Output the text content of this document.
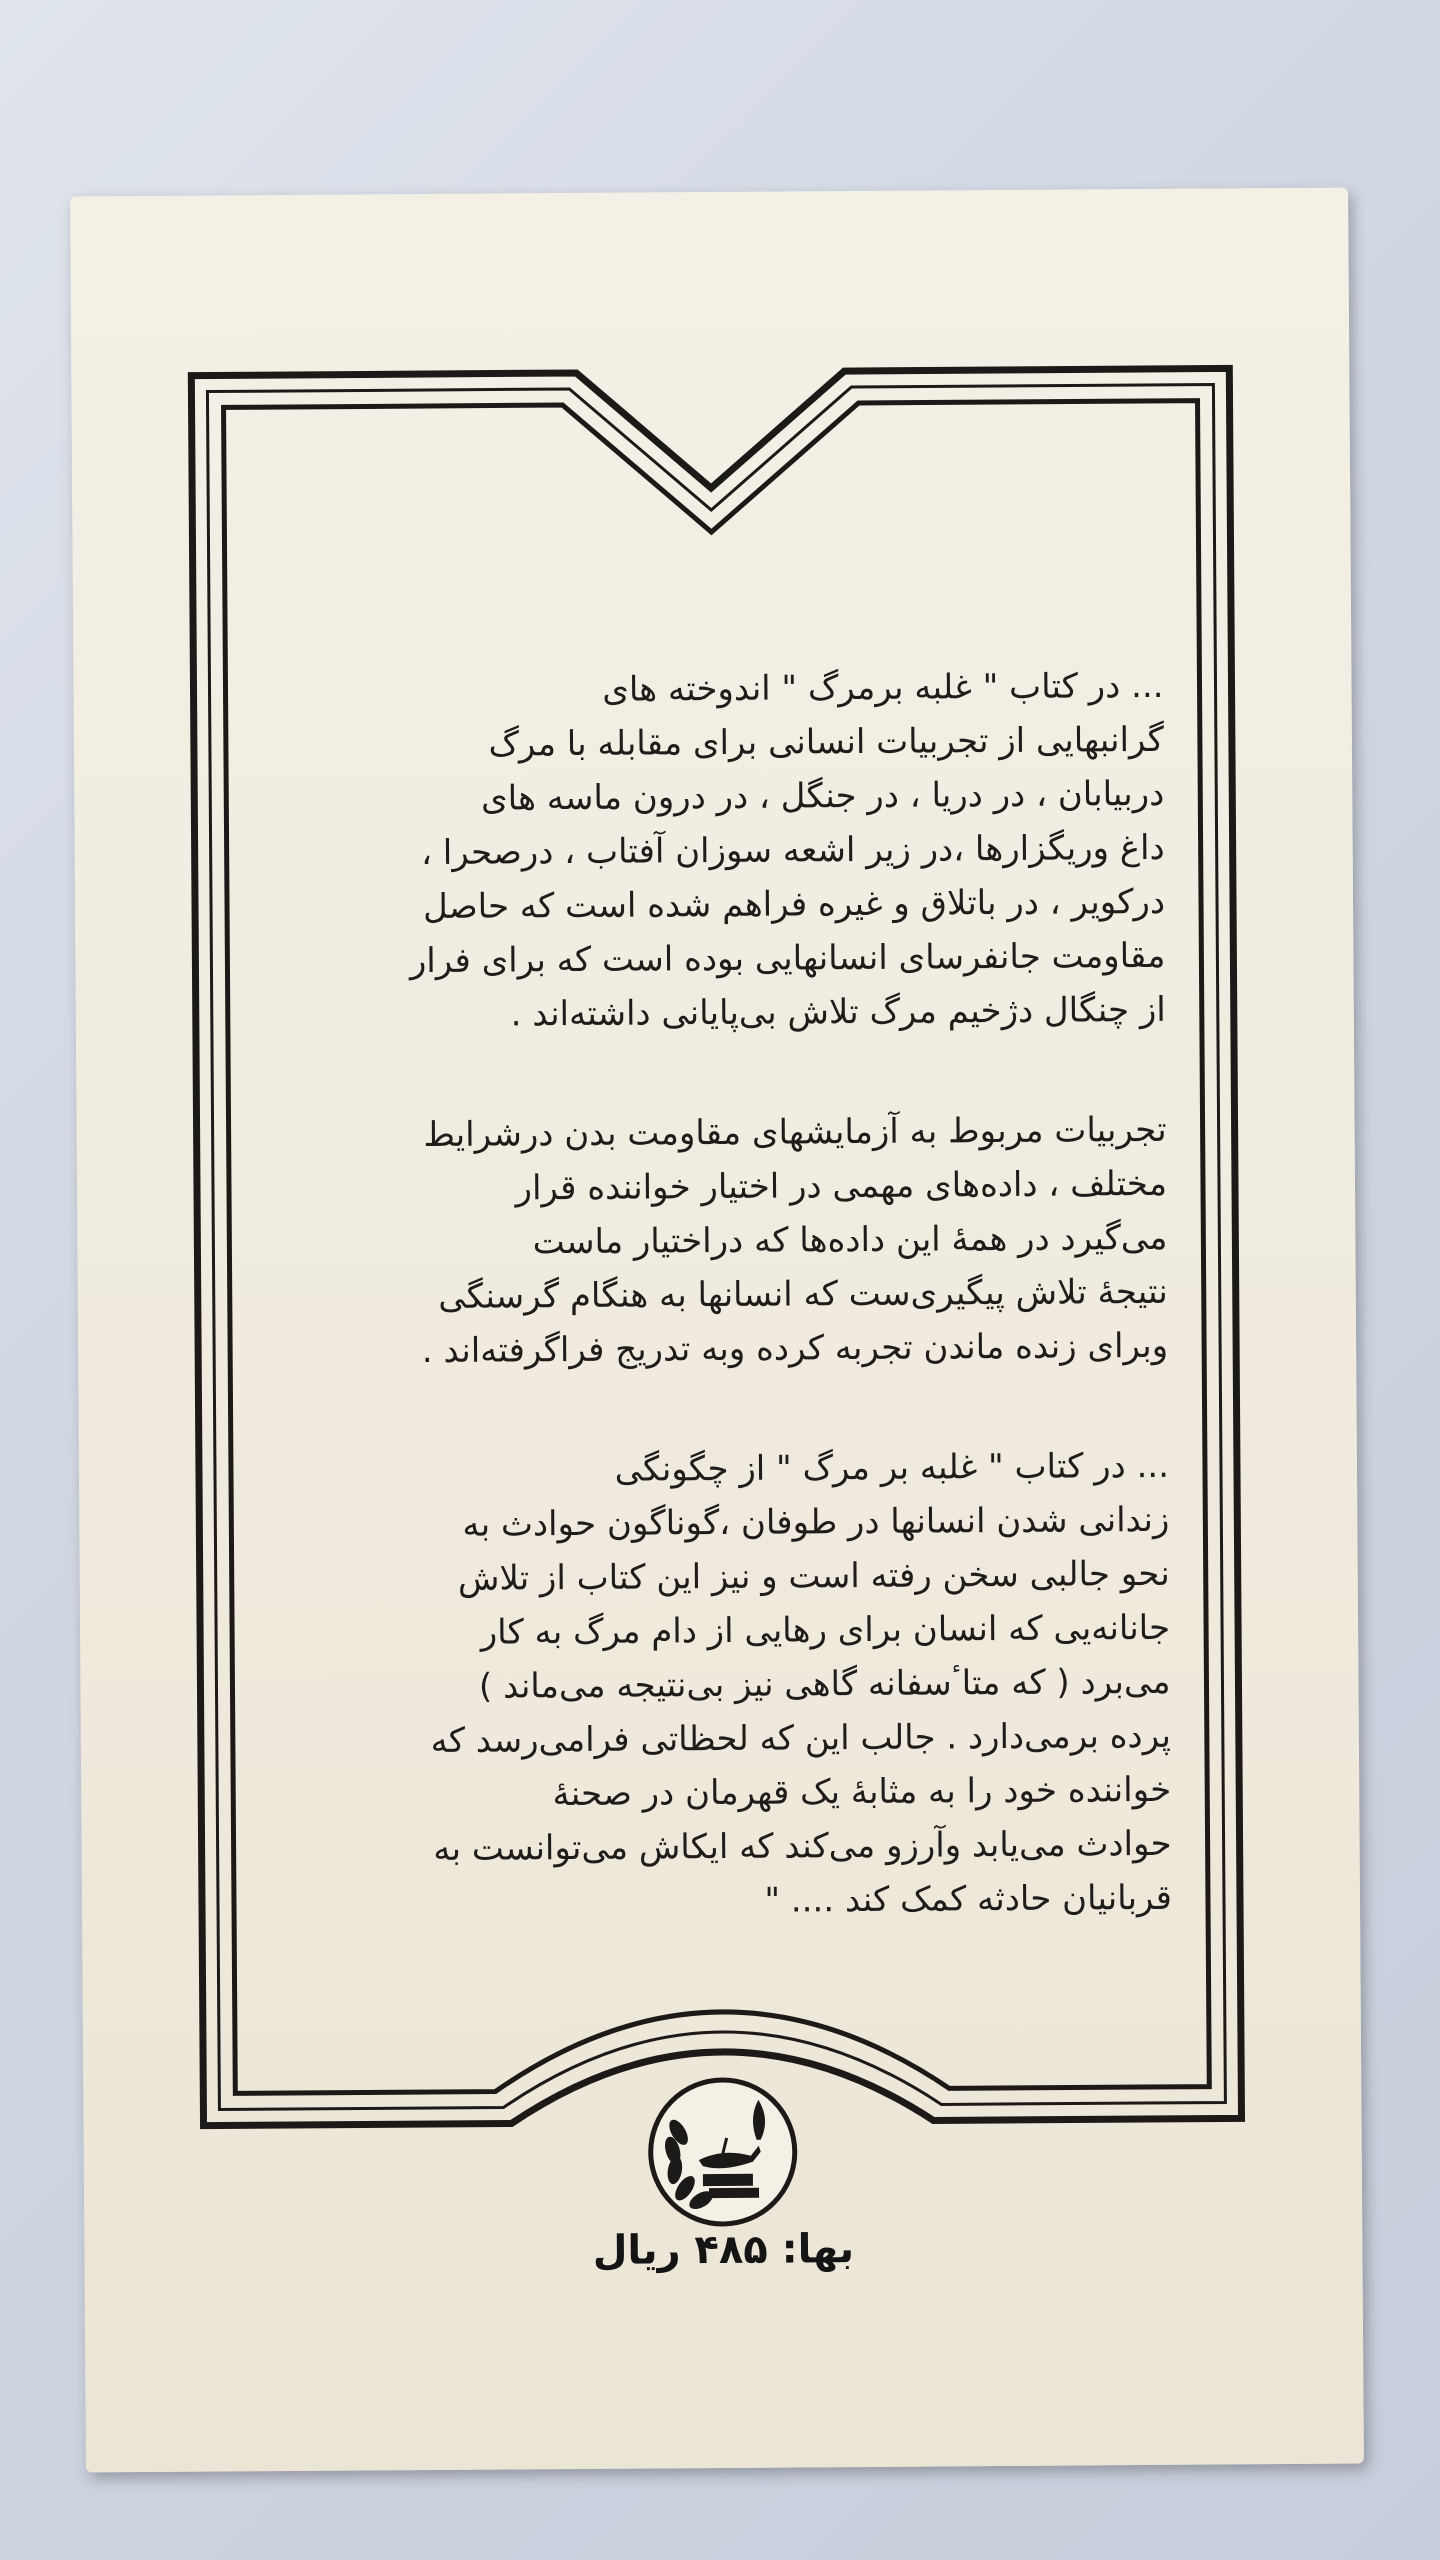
... در کتاب " غلبه برمرگ " اندوخته های
گرانبهایی از تجربیات انسانی برای مقابله با مرگ
دربیابان ، در دریا ، در جنگل ، در درون ماسه های
داغ وریگزارها ،در زیر اشعه سوزان آفتاب ، درصحرا ،
درکویر ، در باتلاق و غیره فراهم شده است که حاصل
مقاومت جانفرسای انسانهایی بوده است که برای فرار
از چنگال دژخیم مرگ تلاش بی‌پایانی داشته‌اند .

تجربیات مربوط به آزمایشهای مقاومت بدن درشرایط
مختلف ، داده‌های مهمی در اختیار خواننده قرار
می‌گیرد در همهٔ این داده‌ها که دراختیار ماست
نتیجهٔ تلاش پیگیری‌ست که انسانها به هنگام گرسنگی
وبرای زنده ماندن تجربه کرده وبه تدریج فراگرفته‌اند .

... در کتاب " غلبه بر مرگ " از چگونگی
زندانی شدن انسانها در طوفان ،گوناگون حوادث به
نحو جالبی سخن رفته است و نیز این کتاب از تلاش
جانانه‌یی که انسان برای رهایی از دام مرگ به کار
می‌برد ( که متاٴسفانه گاهی نیز بی‌نتیجه می‌ماند )
پرده برمی‌دارد . جالب این که لحظاتی فرامی‌رسد که
خواننده خود را به مثابهٔ یک قهرمان در صحنهٔ
حوادث می‌یابد وآرزو می‌کند که ایکاش می‌توانست به
قربانیان حادثه کمک کند .... "

بها: ۴۸۵ ریال
